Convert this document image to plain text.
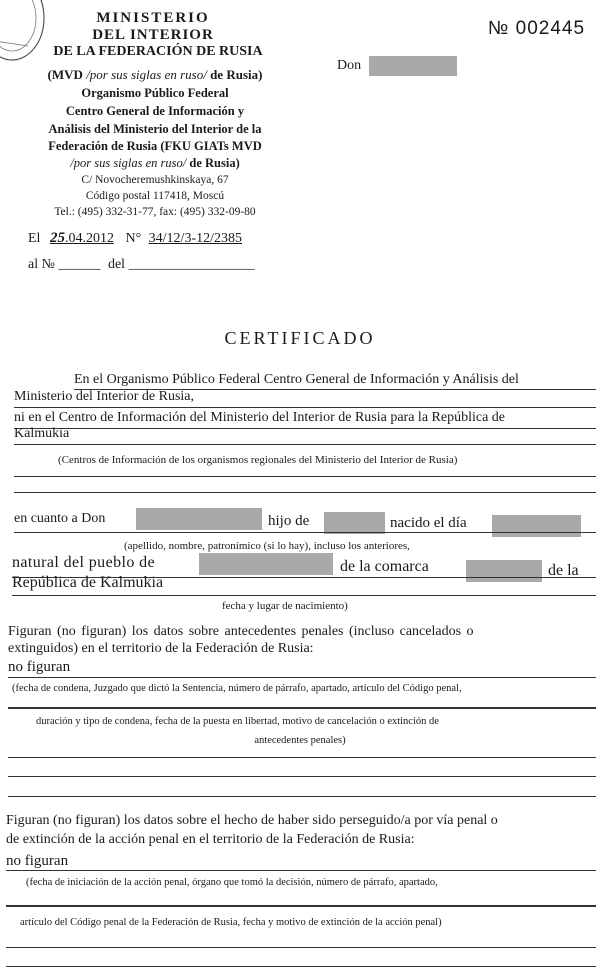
MINISTERIO
DEL INTERIOR
DE LA FEDERACIÓN DE RUSIA
(MVD /por sus siglas en ruso/ de Rusia)
Organismo Público Federal
Centro General de Información y
Análisis del Ministerio del Interior de la
Federación de Rusia (FKU GIATs MVD
/por sus siglas en ruso/ de Rusia)
C/ Novocheremushkinskaya, 67
Código postal 117418, Moscú
Tel.: (495) 332-31-77, fax: (495) 332-09-80
El 25.04.2012 N° 34/12/3-12/2385
al № ______ del __________________
№ 002445
Don
CERTIFICADO
En el Organismo Público Federal Centro General de Información y Análisis del
Ministerio del Interior de Rusia,
ni en el Centro de Información del Ministerio del Interior de Rusia para la República de
Kalmukia
(Centros de Información de los organismos regionales del Ministerio del Interior de Rusia)
en cuanto a Don	hijo de	nacido el día
(apellido, nombre, patronímico (si lo hay), incluso los anteriores,
natural del pueblo de	de la comarca	de la
República de Kalmukia
fecha y lugar de nacimiento)
Figuran (no figuran) los datos sobre antecedentes penales (incluso cancelados o
extinguidos) en el territorio de la Federación de Rusia:
no figuran
(fecha de condena, Juzgado que dictó la Sentencia, número de párrafo, apartado, artículo del Código penal,
duración y tipo de condena, fecha de la puesta en libertad, motivo de cancelación o extinción de
antecedentes penales)
Figuran (no figuran) los datos sobre el hecho de haber sido perseguido/a por vía penal o
de extinción de la acción penal en el territorio de la Federación de Rusia:
no figuran
(fecha de iniciación de la acción penal, órgano que tomó la decisión, número de párrafo, apartado,
artículo del Código penal de la Federación de Rusia, fecha y motivo de extinción de la acción penal)
